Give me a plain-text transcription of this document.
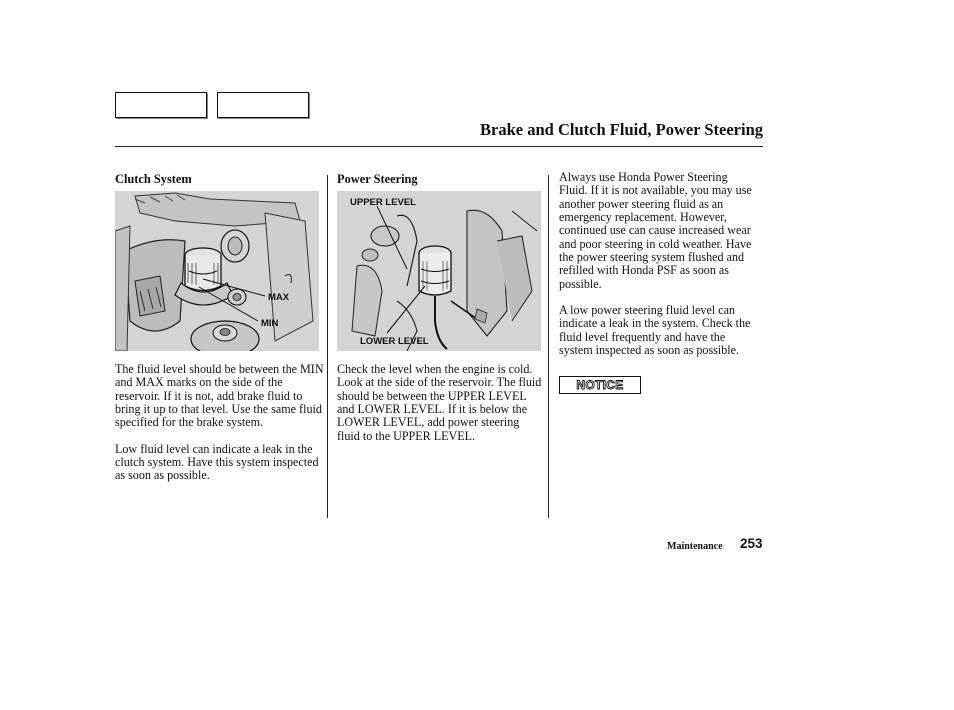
Brake and Clutch Fluid, Power Steering
Clutch System
MAX
MIN

The fluid level should be between the MIN and MAX marks on the side of the reservoir. If it is not, add brake fluid to bring it up to that level. Use the same fluid specified for the brake system.

Low fluid level can indicate a leak in the clutch system. Have this system inspected as soon as possible.

Power Steering
UPPER LEVEL
LOWER LEVEL

Check the level when the engine is cold. Look at the side of the reservoir. The fluid should be between the UPPER LEVEL and LOWER LEVEL. If it is below the LOWER LEVEL, add power steering fluid to the UPPER LEVEL.

Always use Honda Power Steering Fluid. If it is not available, you may use another power steering fluid as an emergency replacement. However, continued use can cause increased wear and poor steering in cold weather. Have the power steering system flushed and refilled with Honda PSF as soon as possible.

A low power steering fluid level can indicate a leak in the system. Check the fluid level frequently and have the system inspected as soon as possible.

NOTICE
Maintenance 253
